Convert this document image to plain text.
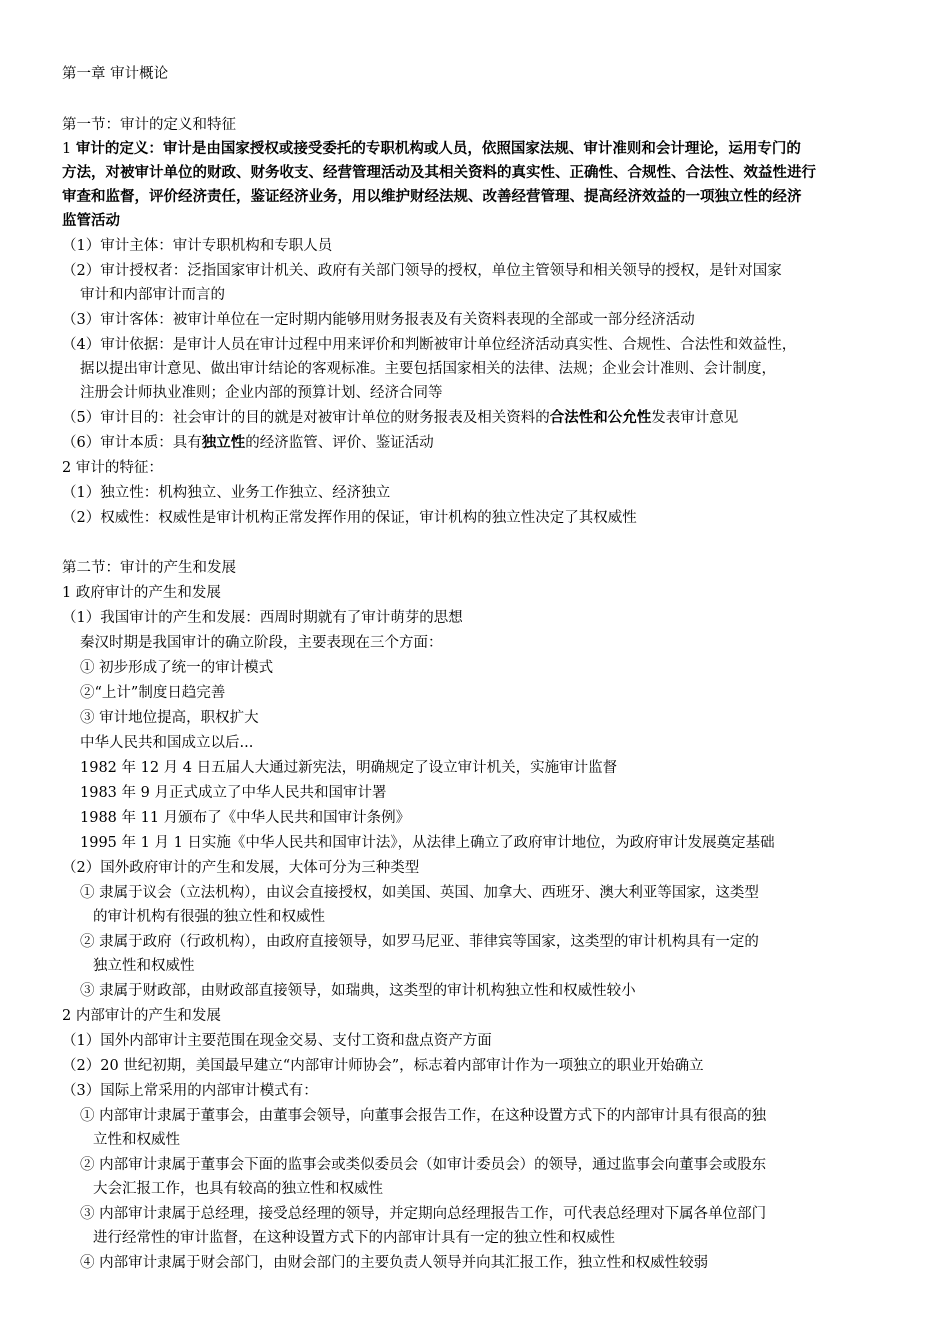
第一章 审计概论
第一节：审计的定义和特征
1 审计的定义：审计是由国家授权或接受委托的专职机构或人员，依照国家法规、审计准则和会计理论，运用专门的
方法，对被审计单位的财政、财务收支、经营管理活动及其相关资料的真实性、正确性、合规性、合法性、效益性进行
审查和监督，评价经济责任，鉴证经济业务，用以维护财经法规、改善经营管理、提高经济效益的一项独立性的经济
监管活动
（1）审计主体：审计专职机构和专职人员
（2）审计授权者：泛指国家审计机关、政府有关部门领导的授权，单位主管领导和相关领导的授权，是针对国家
审计和内部审计而言的
（3）审计客体：被审计单位在一定时期内能够用财务报表及有关资料表现的全部或一部分经济活动
（4）审计依据：是审计人员在审计过程中用来评价和判断被审计单位经济活动真实性、合规性、合法性和效益性，
据以提出审计意见、做出审计结论的客观标准。主要包括国家相关的法律、法规；企业会计准则、会计制度，
注册会计师执业准则；企业内部的预算计划、经济合同等
（5）审计目的：社会审计的目的就是对被审计单位的财务报表及相关资料的合法性和公允性发表审计意见
（6）审计本质：具有独立性的经济监管、评价、鉴证活动
2 审计的特征：
（1）独立性：机构独立、业务工作独立、经济独立
（2）权威性：权威性是审计机构正常发挥作用的保证，审计机构的独立性决定了其权威性
第二节：审计的产生和发展
1 政府审计的产生和发展
（1）我国审计的产生和发展：西周时期就有了审计萌芽的思想
秦汉时期是我国审计的确立阶段，主要表现在三个方面：
① 初步形成了统一的审计模式
②“上计”制度日趋完善
③ 审计地位提高，职权扩大
中华人民共和国成立以后...
1982 年 12 月 4 日五届人大通过新宪法，明确规定了设立审计机关，实施审计监督
1983 年 9 月正式成立了中华人民共和国审计署
1988 年 11 月颁布了《中华人民共和国审计条例》
1995 年 1 月 1 日实施《中华人民共和国审计法》，从法律上确立了政府审计地位，为政府审计发展奠定基础
（2）国外政府审计的产生和发展，大体可分为三种类型
① 隶属于议会（立法机构），由议会直接授权，如美国、英国、加拿大、西班牙、澳大利亚等国家，这类型
的审计机构有很强的独立性和权威性
② 隶属于政府（行政机构），由政府直接领导，如罗马尼亚、菲律宾等国家，这类型的审计机构具有一定的
独立性和权威性
③ 隶属于财政部，由财政部直接领导，如瑞典，这类型的审计机构独立性和权威性较小
2 内部审计的产生和发展
（1）国外内部审计主要范围在现金交易、支付工资和盘点资产方面
（2）20 世纪初期，美国最早建立“内部审计师协会”，标志着内部审计作为一项独立的职业开始确立
（3）国际上常采用的内部审计模式有：
① 内部审计隶属于董事会，由董事会领导，向董事会报告工作，在这种设置方式下的内部审计具有很高的独
立性和权威性
② 内部审计隶属于董事会下面的监事会或类似委员会（如审计委员会）的领导，通过监事会向董事会或股东
大会汇报工作，也具有较高的独立性和权威性
③ 内部审计隶属于总经理，接受总经理的领导，并定期向总经理报告工作，可代表总经理对下属各单位部门
进行经常性的审计监督，在这种设置方式下的内部审计具有一定的独立性和权威性
④ 内部审计隶属于财会部门，由财会部门的主要负责人领导并向其汇报工作，独立性和权威性较弱
